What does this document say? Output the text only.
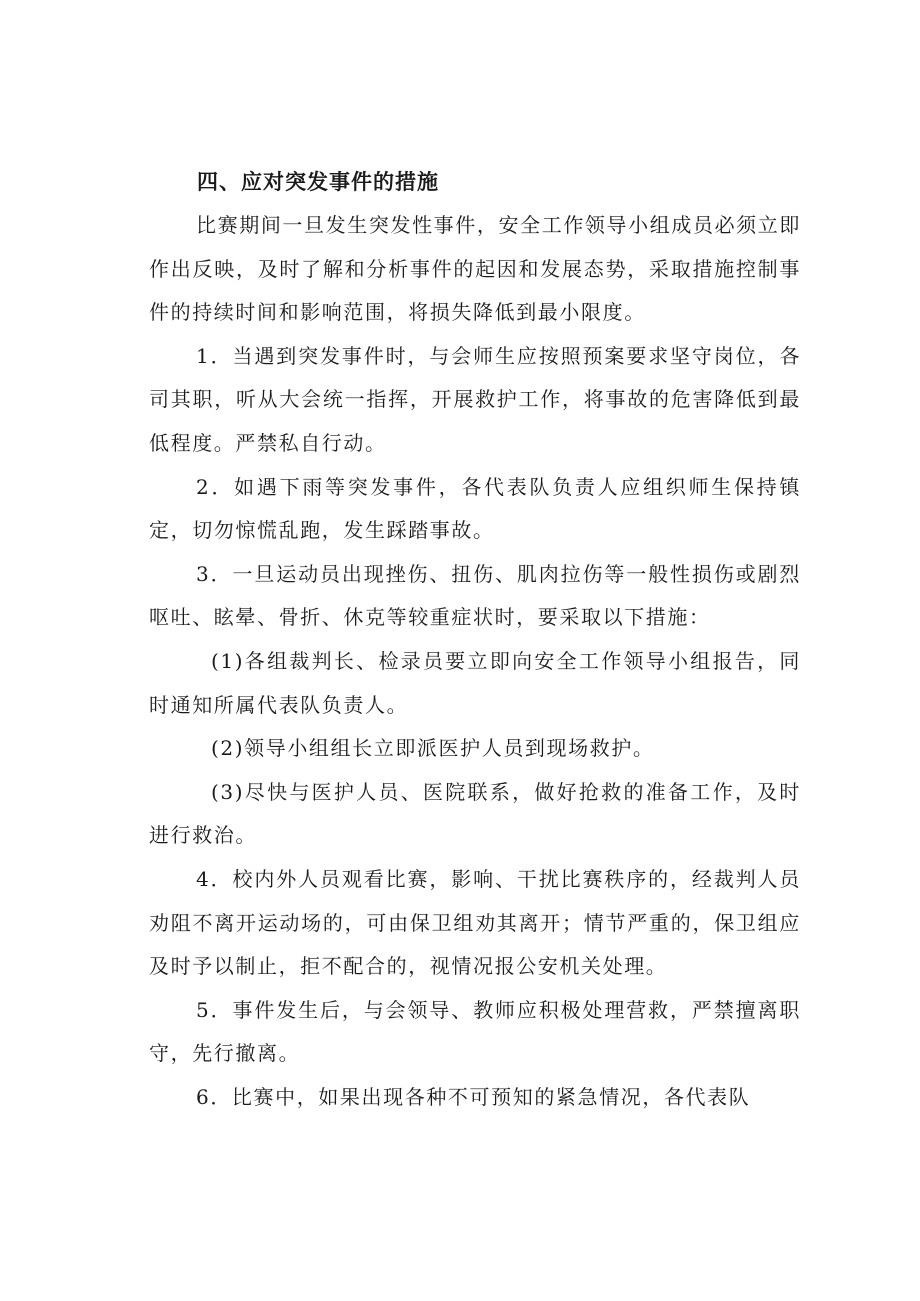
四、应对突发事件的措施

比赛期间一旦发生突发性事件，安全工作领导小组成员必须立即作出反映，及时了解和分析事件的起因和发展态势，采取措施控制事件的持续时间和影响范围，将损失降低到最小限度。

1．当遇到突发事件时，与会师生应按照预案要求坚守岗位，各司其职，听从大会统一指挥，开展救护工作，将事故的危害降低到最低程度。严禁私自行动。

2．如遇下雨等突发事件，各代表队负责人应组织师生保持镇定，切勿惊慌乱跑，发生踩踏事故。

3．一旦运动员出现挫伤、扭伤、肌肉拉伤等一般性损伤或剧烈呕吐、眩晕、骨折、休克等较重症状时，要采取以下措施：

(1)各组裁判长、检录员要立即向安全工作领导小组报告，同时通知所属代表队负责人。

(2)领导小组组长立即派医护人员到现场救护。

(3)尽快与医护人员、医院联系，做好抢救的准备工作，及时进行救治。

4．校内外人员观看比赛，影响、干扰比赛秩序的，经裁判人员劝阻不离开运动场的，可由保卫组劝其离开；情节严重的，保卫组应及时予以制止，拒不配合的，视情况报公安机关处理。

5．事件发生后，与会领导、教师应积极处理营救，严禁擅离职守，先行撤离。

6．比赛中，如果出现各种不可预知的紧急情况，各代表队
